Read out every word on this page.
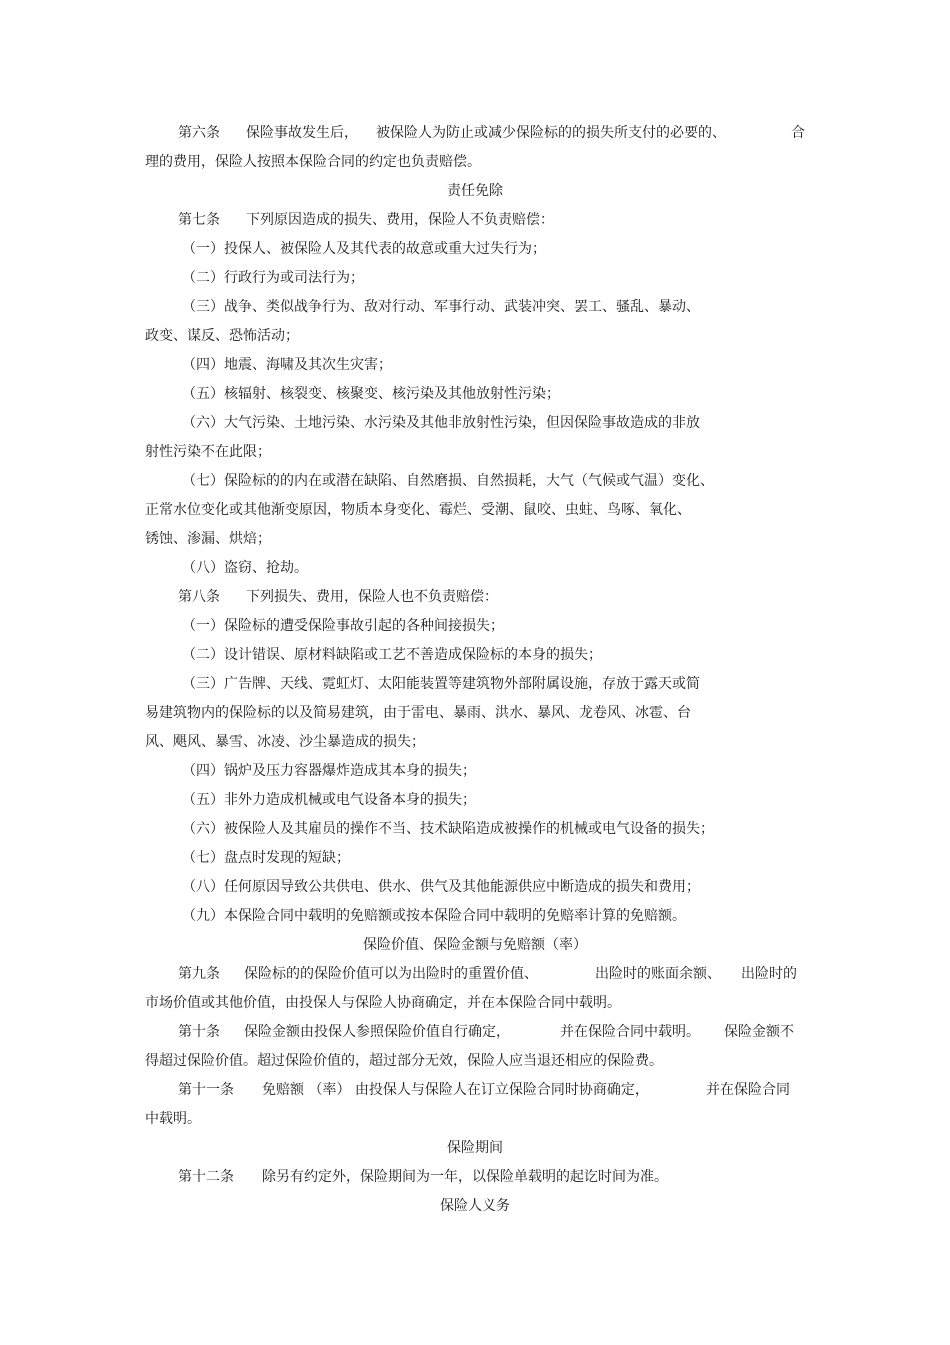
第六条 保险事故发生后， 被保险人为防止或减少保险标的的损失所支付的必要的、	合
理的费用，保险人按照本保险合同的约定也负责赔偿。
责任免除
第七条 下列原因造成的损失、费用，保险人不负责赔偿：
（一）投保人、被保险人及其代表的故意或重大过失行为；
（二）行政行为或司法行为；
（三）战争、类似战争行为、敌对行动、军事行动、武装冲突、罢工、骚乱、暴动、
政变、谋反、恐怖活动；
（四）地震、海啸及其次生灾害；
（五）核辐射、核裂变、核聚变、核污染及其他放射性污染；
（六）大气污染、土地污染、水污染及其他非放射性污染，但因保险事故造成的非放
射性污染不在此限；
（七）保险标的的内在或潜在缺陷、自然磨损、自然损耗，大气（气候或气温）变化、
正常水位变化或其他渐变原因，物质本身变化、霉烂、受潮、鼠咬、虫蛀、鸟啄、氧化、
锈蚀、渗漏、烘焙；
（八）盗窃、抢劫。
第八条 下列损失、费用，保险人也不负责赔偿：
（一）保险标的遭受保险事故引起的各种间接损失；
（二）设计错误、原材料缺陷或工艺不善造成保险标的本身的损失；
（三）广告牌、天线、霓虹灯、太阳能装置等建筑物外部附属设施，存放于露天或简
易建筑物内的保险标的以及简易建筑，由于雷电、暴雨、洪水、暴风、龙卷风、冰雹、台
风、飓风、暴雪、冰凌、沙尘暴造成的损失；
（四）锅炉及压力容器爆炸造成其本身的损失；
（五）非外力造成机械或电气设备本身的损失；
（六）被保险人及其雇员的操作不当、技术缺陷造成被操作的机械或电气设备的损失；
（七）盘点时发现的短缺；
（八）任何原因导致公共供电、供水、供气及其他能源供应中断造成的损失和费用；
（九）本保险合同中载明的免赔额或按本保险合同中载明的免赔率计算的免赔额。
保险价值、保险金额与免赔额（率）
第九条 保险标的的保险价值可以为出险时的重置价值、	出险时的账面余额、 出险时的
市场价值或其他价值，由投保人与保险人协商确定，并在本保险合同中载明。
第十条 保险金额由投保人参照保险价值自行确定，	并在保险合同中载明。 保险金额不
得超过保险价值。超过保险价值的，超过部分无效，保险人应当退还相应的保险费。
第十一条 免赔额 （率） 由投保人与保险人在订立保险合同时协商确定，	并在保险合同
中载明。
保险期间
第十二条 除另有约定外，保险期间为一年，以保险单载明的起讫时间为准。
保险人义务
